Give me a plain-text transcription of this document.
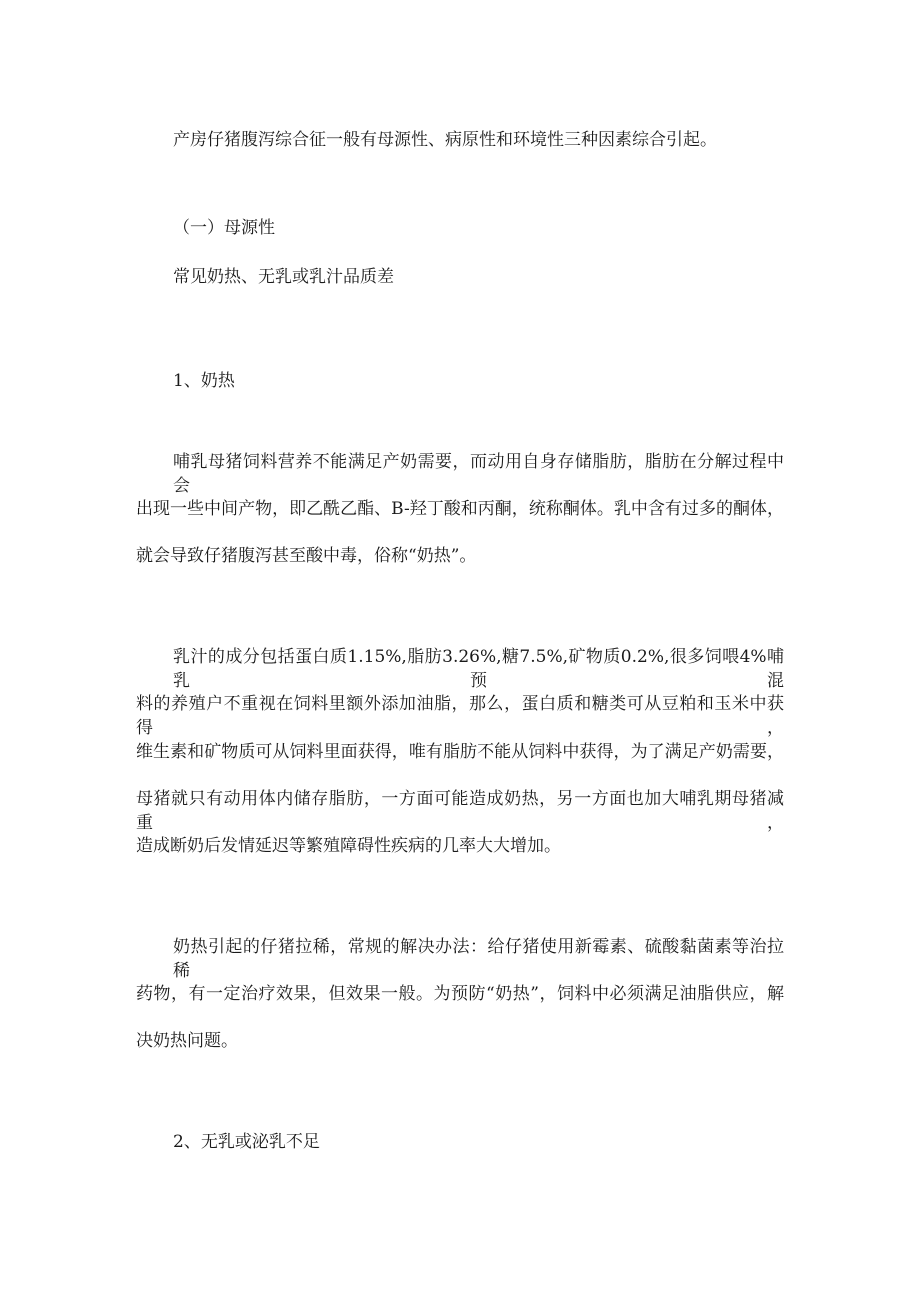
产房仔猪腹泻综合征一般有母源性、病原性和环境性三种因素综合引起。

（一）母源性

常见奶热、无乳或乳汁品质差

1、奶热

哺乳母猪饲料营养不能满足产奶需要，而动用自身存储脂肪，脂肪在分解过程中会

出现一些中间产物，即乙酰乙酯、B-羟丁酸和丙酮，统称酮体。乳中含有过多的酮体，

就会导致仔猪腹泻甚至酸中毒，俗称“奶热”。

乳汁的成分包括蛋白质1.15%,脂肪3.26%,糖7.5%,矿物质0.2%,很多饲喂4%哺乳预混

料的养殖户不重视在饲料里额外添加油脂，那么，蛋白质和糖类可从豆粕和玉米中获得，

维生素和矿物质可从饲料里面获得，唯有脂肪不能从饲料中获得，为了满足产奶需要，

母猪就只有动用体内储存脂肪，一方面可能造成奶热，另一方面也加大哺乳期母猪减重，

造成断奶后发情延迟等繁殖障碍性疾病的几率大大增加。

奶热引起的仔猪拉稀，常规的解决办法：给仔猪使用新霉素、硫酸黏菌素等治拉稀

药物，有一定治疗效果，但效果一般。为预防“奶热”，饲料中必须满足油脂供应，解

决奶热问题。

2、无乳或泌乳不足
